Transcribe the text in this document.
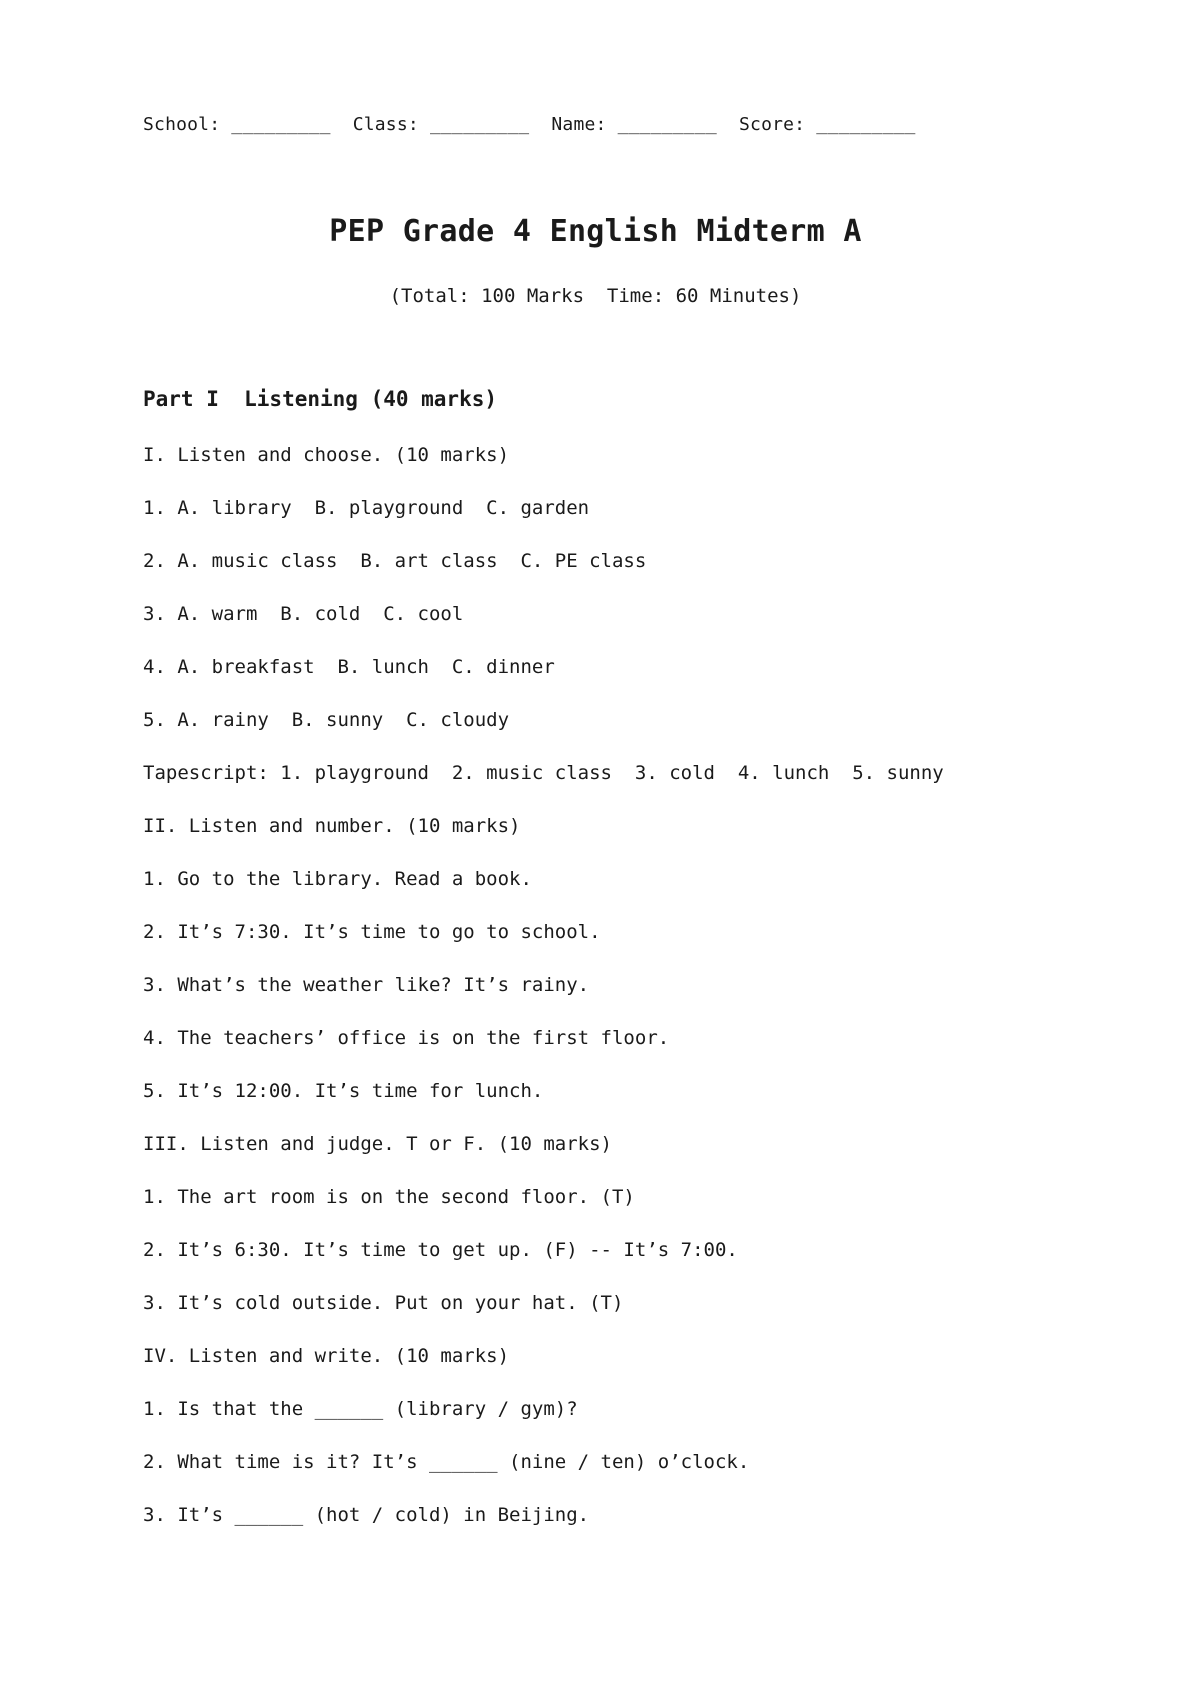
School: _________  Class: _________  Name: _________  Score: _________
PEP Grade 4 English Midterm A
(Total: 100 Marks  Time: 60 Minutes)
Part I  Listening (40 marks)
I. Listen and choose. (10 marks)
1. A. library  B. playground  C. garden
2. A. music class  B. art class  C. PE class
3. A. warm  B. cold  C. cool
4. A. breakfast  B. lunch  C. dinner
5. A. rainy  B. sunny  C. cloudy
Tapescript: 1. playground  2. music class  3. cold  4. lunch  5. sunny
II. Listen and number. (10 marks)
1. Go to the library. Read a book.
2. It’s 7:30. It’s time to go to school.
3. What’s the weather like? It’s rainy.
4. The teachers’ office is on the first floor.
5. It’s 12:00. It’s time for lunch.
III. Listen and judge. T or F. (10 marks)
1. The art room is on the second floor. (T)
2. It’s 6:30. It’s time to get up. (F) -- It’s 7:00.
3. It’s cold outside. Put on your hat. (T)
IV. Listen and write. (10 marks)
1. Is that the ______ (library / gym)?
2. What time is it? It’s ______ (nine / ten) o’clock.
3. It’s ______ (hot / cold) in Beijing.
